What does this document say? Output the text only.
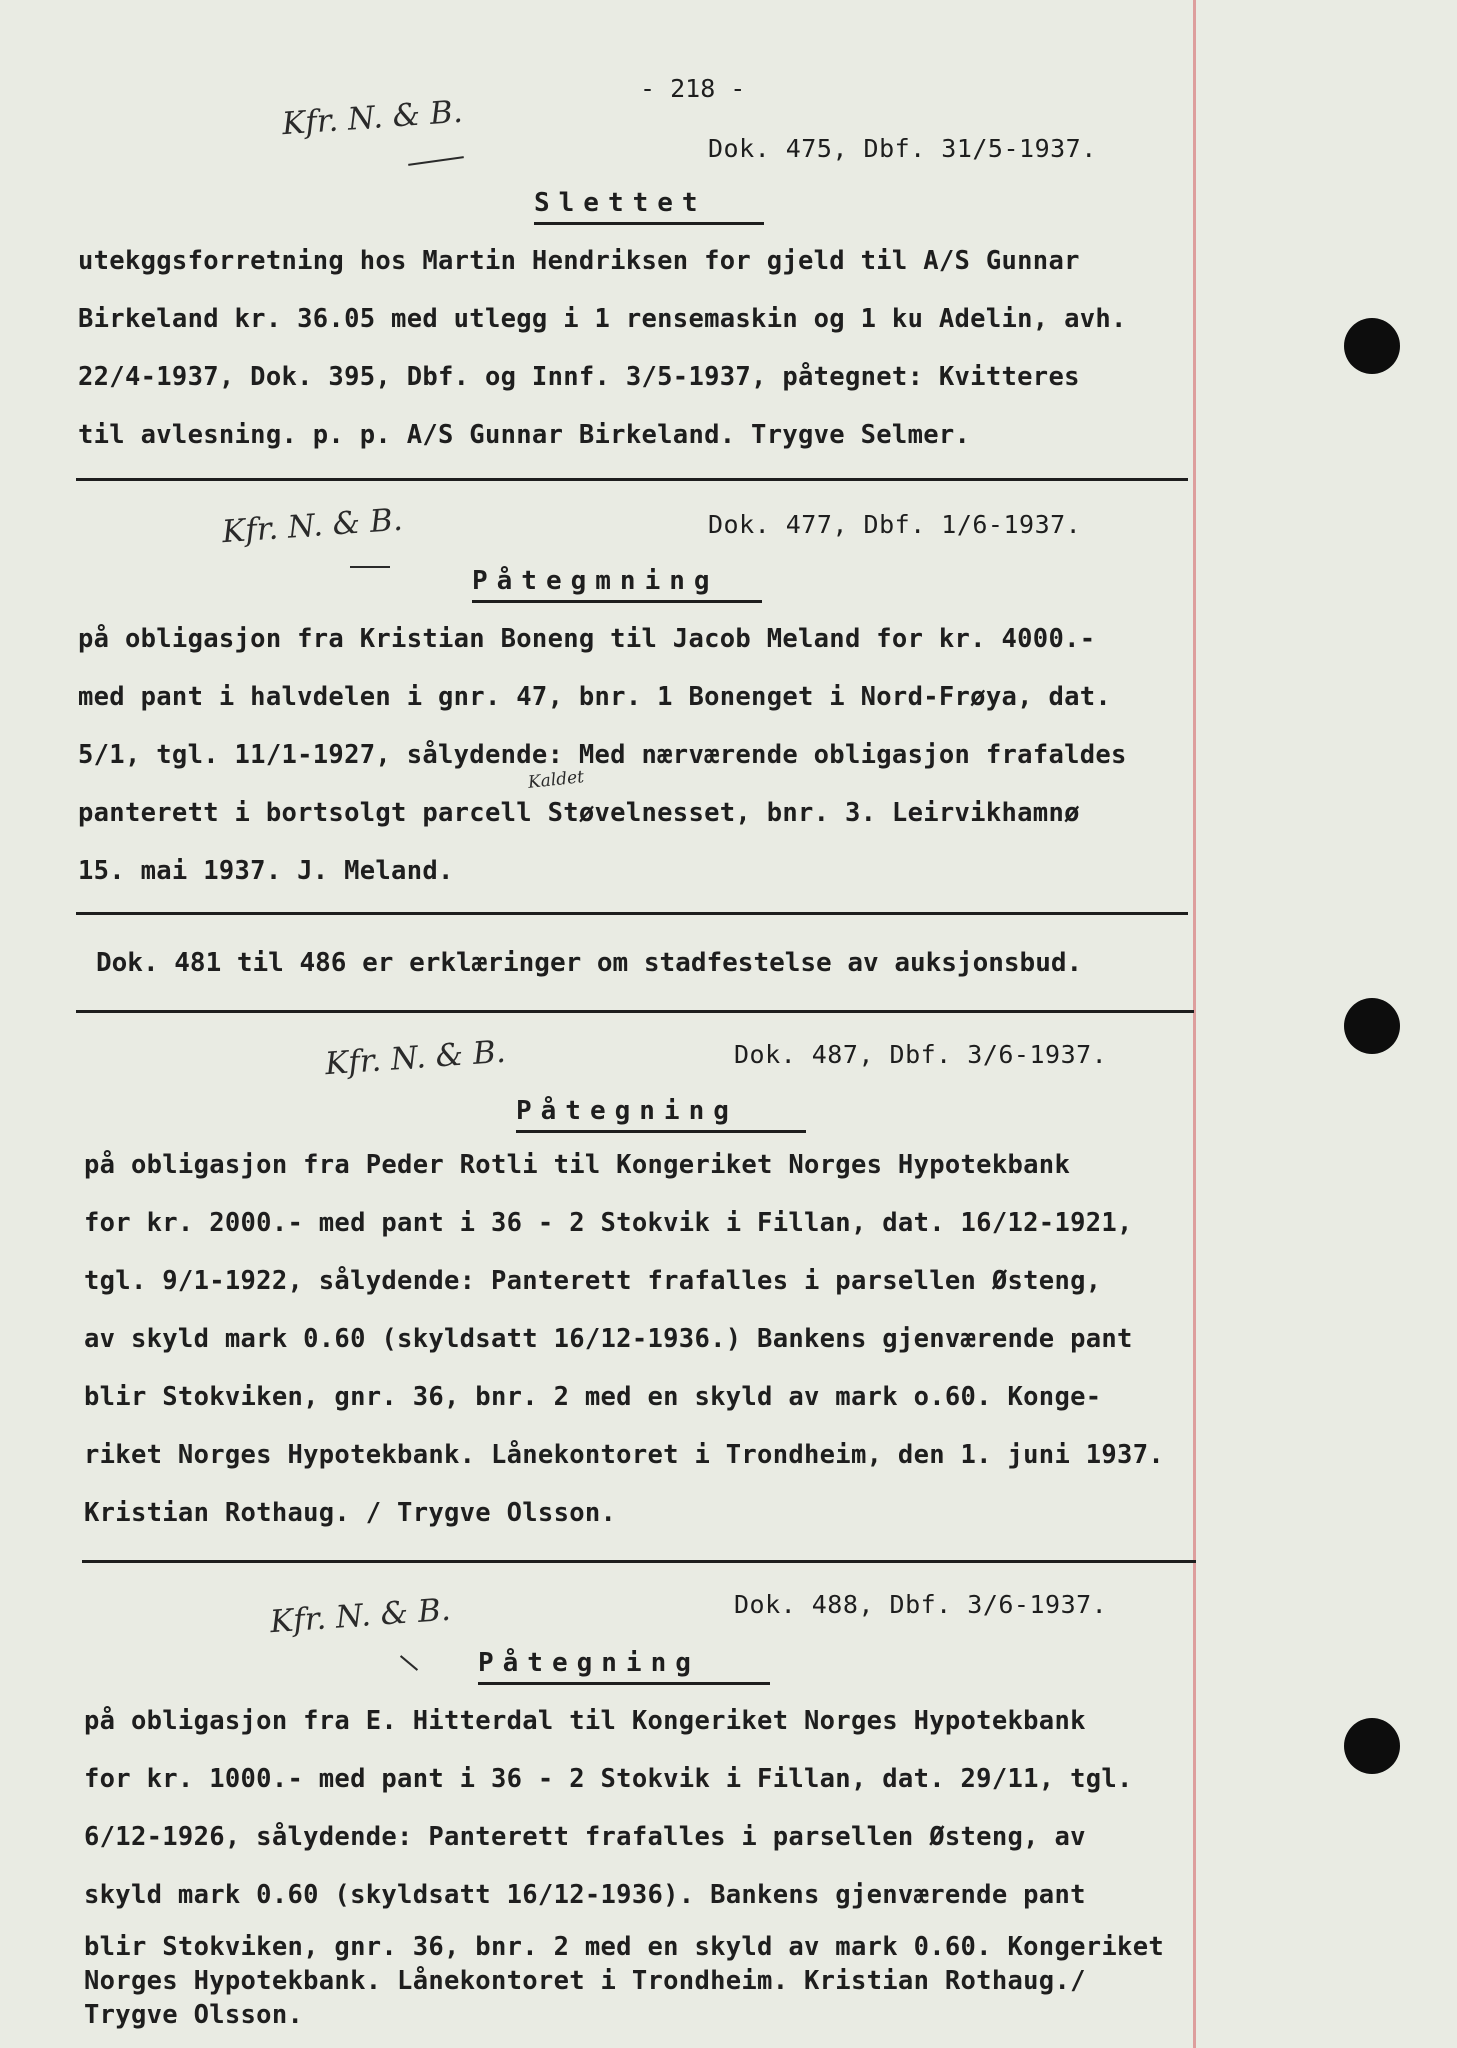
- 218 -
Kfr. N. & B.
Dok. 475, Dbf. 31/5-1937.
Slettet
utekggsforretning hos Martin Hendriksen for gjeld til A/S Gunnar
Birkeland kr. 36.05 med utlegg i 1 rensemaskin og 1 ku Adelin, avh.
22/4-1937, Dok. 395, Dbf. og Innf. 3/5-1937, påtegnet: Kvitteres
til avlesning. p. p. A/S Gunnar Birkeland. Trygve Selmer.
Kfr. N. & B.	Dok. 477, Dbf. 1/6-1937.
Påtegmning
Kaldet
på obligasjon fra Kristian Boneng til Jacob Meland for kr. 4000.-
med pant i halvdelen i gnr. 47, bnr. 1 Bonenget i Nord-Frøya, dat.
5/1, tgl. 11/1-1927, sålydende: Med nærværende obligasjon frafaldes
panterett i bortsolgt parcell Støvelnesset, bnr. 3. Leirvikhamnø
15. mai 1937. J. Meland.
Dok. 481 til 486 er erklæringer om stadfestelse av auksjonsbud.
Kfr. N. & B.	Dok. 487, Dbf. 3/6-1937.
Påtegning
på obligasjon fra Peder Rotli til Kongeriket Norges Hypotekbank
for kr. 2000.- med pant i 36 - 2 Stokvik i Fillan, dat. 16/12-1921,
tgl. 9/1-1922, sålydende: Panterett frafalles i parsellen Østeng,
av skyld mark 0.60 (skyldsatt 16/12-1936.) Bankens gjenværende pant
blir Stokviken, gnr. 36, bnr. 2 med en skyld av mark o.60. Konge-
riket Norges Hypotekbank. Lånekontoret i Trondheim, den 1. juni 1937.
Kristian Rothaug. / Trygve Olsson.
Kfr. N. & B.	Dok. 488, Dbf. 3/6-1937.
Påtegning
på obligasjon fra E. Hitterdal til Kongeriket Norges Hypotekbank
for kr. 1000.- med pant i 36 - 2 Stokvik i Fillan, dat. 29/11, tgl.
6/12-1926, sålydende: Panterett frafalles i parsellen Østeng, av
skyld mark 0.60 (skyldsatt 16/12-1936). Bankens gjenværende pant
blir Stokviken, gnr. 36, bnr. 2 med en skyld av mark 0.60. Kongeriket
Norges Hypotekbank. Lånekontoret i Trondheim. Kristian Rothaug./
Trygve Olsson.
